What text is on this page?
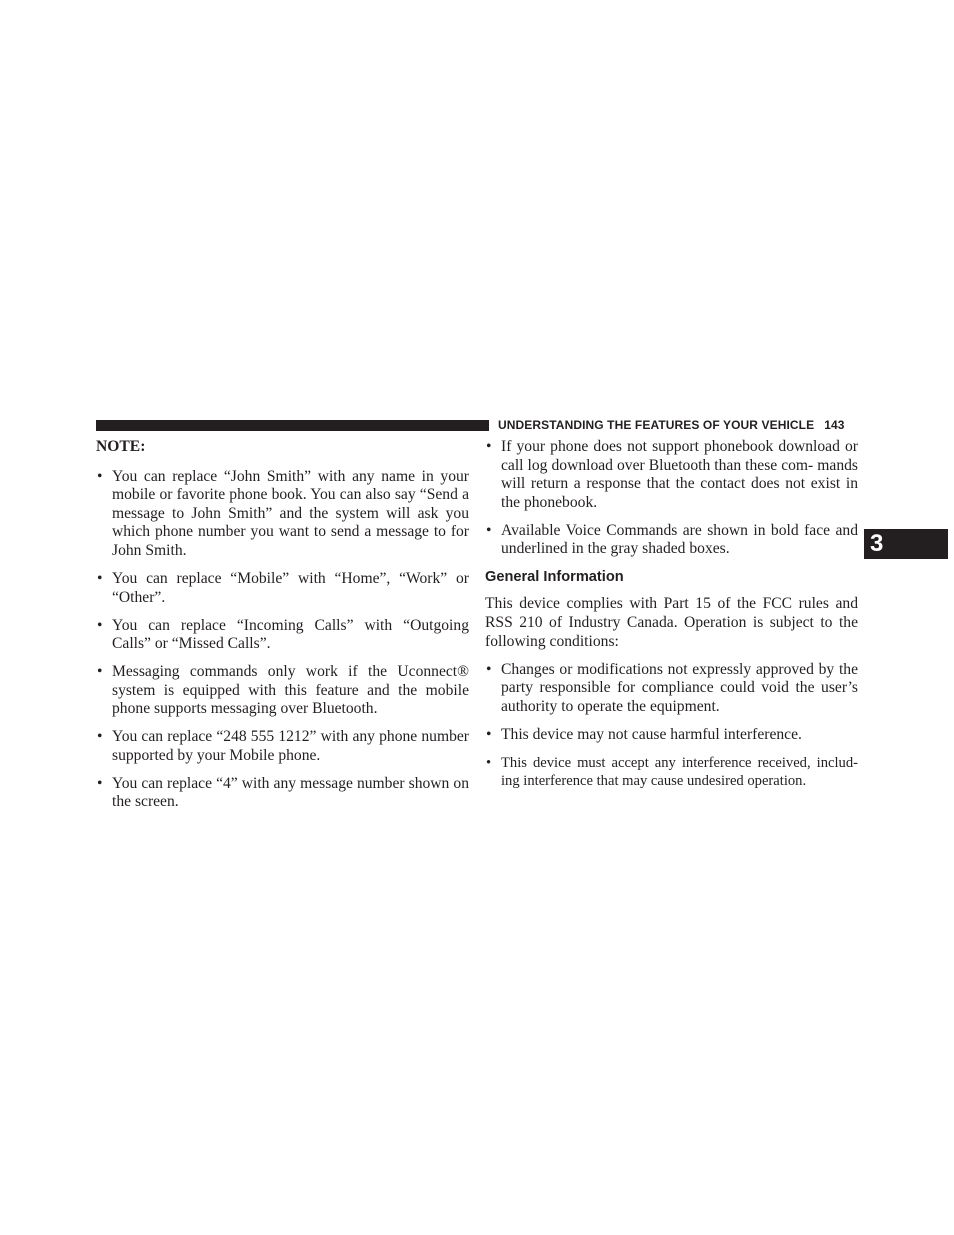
UNDERSTANDING THE FEATURES OF YOUR VEHICLE 143
3
NOTE:
• You can replace “John Smith” with any name in your mobile or favorite phone book. You can also say “Send a message to John Smith” and the system will ask you which phone number you want to send a message to for John Smith.
• You can replace “Mobile” with “Home”, “Work” or “Other”.
• You can replace “Incoming Calls” with “Outgoing Calls” or “Missed Calls”.
• Messaging commands only work if the Uconnect® system is equipped with this feature and the mobile phone supports messaging over Bluetooth.
• You can replace “248 555 1212” with any phone number supported by your Mobile phone.
• You can replace “4” with any message number shown on the screen.
• If your phone does not support phonebook download or call log download over Bluetooth than these com- mands will return a response that the contact does not exist in the phonebook.
• Available Voice Commands are shown in bold face and underlined in the gray shaded boxes.
General Information

This device complies with Part 15 of the FCC rules and RSS 210 of Industry Canada. Operation is subject to the following conditions:

• Changes or modifications not expressly approved by the party responsible for compliance could void the user’s authority to operate the equipment.
• This device may not cause harmful interference.
• This device must accept any interference received, includ- ing interference that may cause undesired operation.
